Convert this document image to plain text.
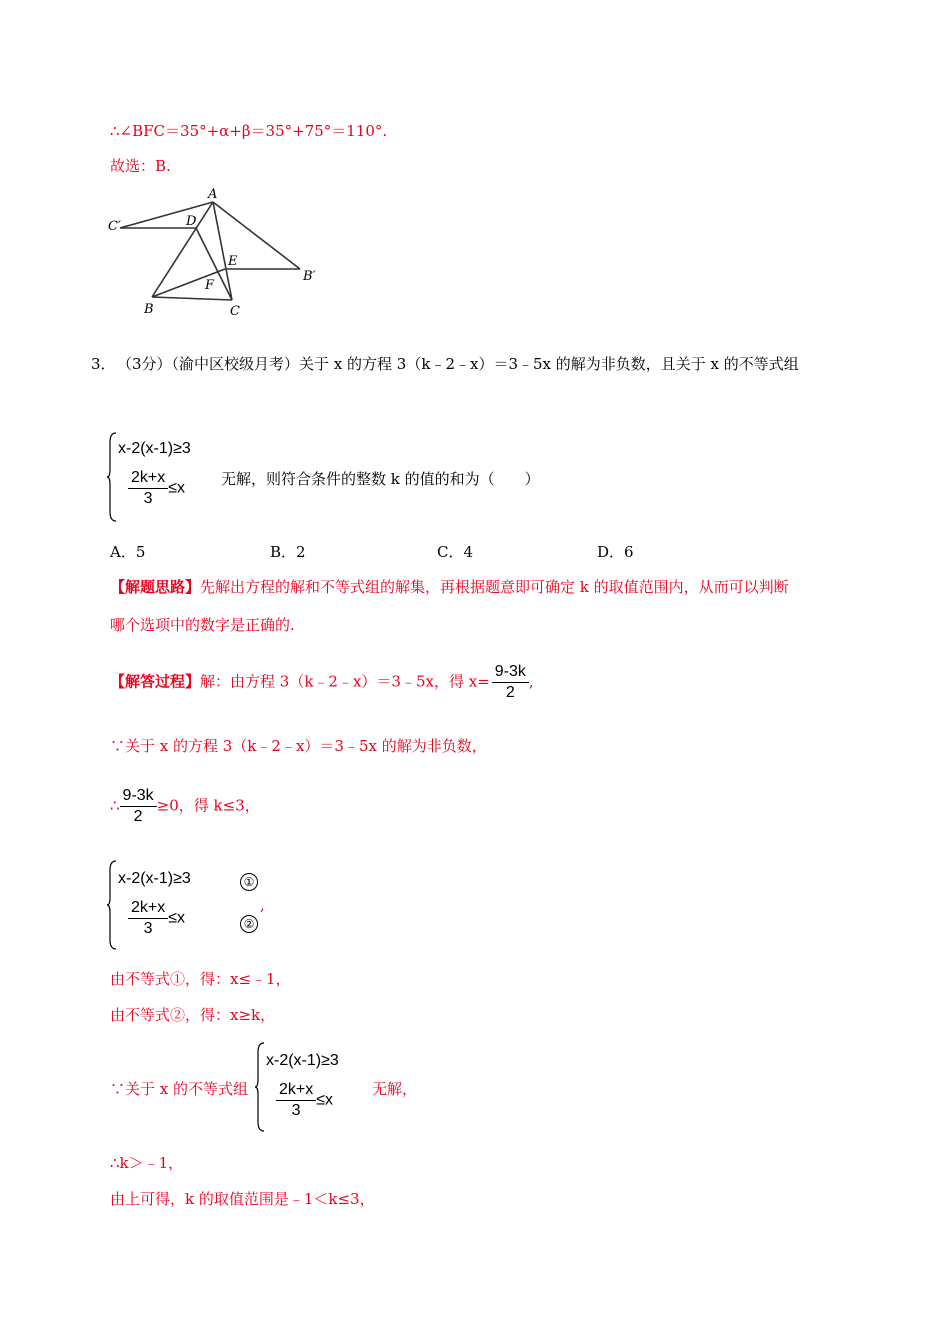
∴∠BFC＝35°+α+β＝35°+75°＝110°.
故选：B.
A
C′	D
E
B′
F
B	C
3． （3分）（渝中区校级月考）关于 x 的方程 3（k﹣2﹣x）＝3﹣5x 的解为非负数，且关于 x 的不等式组
x-2(x-1)≥3
$\frac{2k+x}{3} \le x$
无解，则符合条件的整数 k 的值的和为（　　）
A．5	B．2	C．4	D．6
【解题思路】先解出方程的解和不等式组的解集，再根据题意即可确定 k 的取值范围内，从而可以判断
哪个选项中的数字是正确的.
【解答过程】解：由方程 3（k﹣2﹣x）＝3﹣5x，得 $x= \frac{9-3k}{2}$ ,
∵关于 x 的方程 3（k﹣2﹣x）＝3﹣5x 的解为非负数，
∴ $\frac{9-3k}{2} \ge 0$，得 k≤3，
x-2(x-1)≥3	①
$\frac{2k+x}{3} \le x$	②
,
由不等式①，得：x≤﹣1，
由不等式②，得：x≥k，
∵关于 x 的不等式组
x-2(x-1)≥3
$\frac{2k+x}{3} \le x$
无解，
∴k＞﹣1，
由上可得，k 的取值范围是﹣1＜k≤3，
